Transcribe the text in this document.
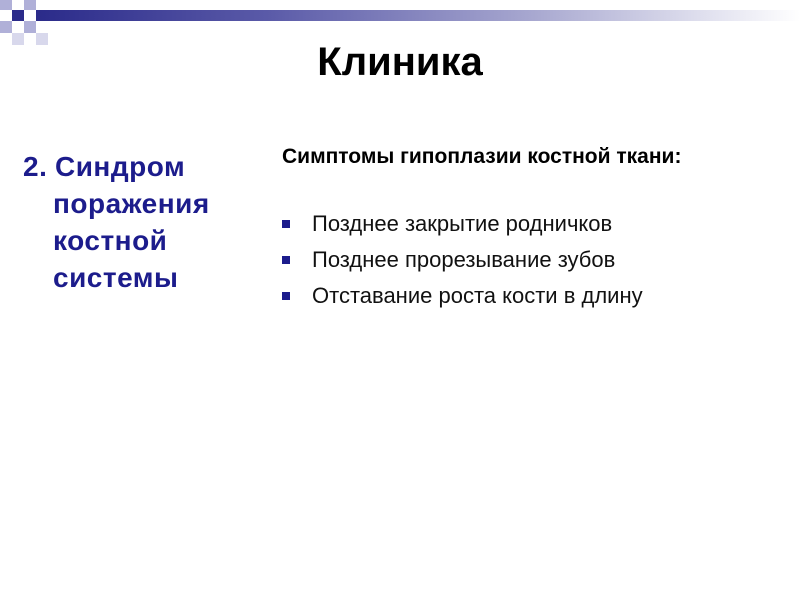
Клиника
2. Синдром
поражения
костной
системы
Симптомы гипоплазии костной ткани:
Позднее закрытие родничков
Позднее прорезывание зубов
Отставание роста кости в длину
